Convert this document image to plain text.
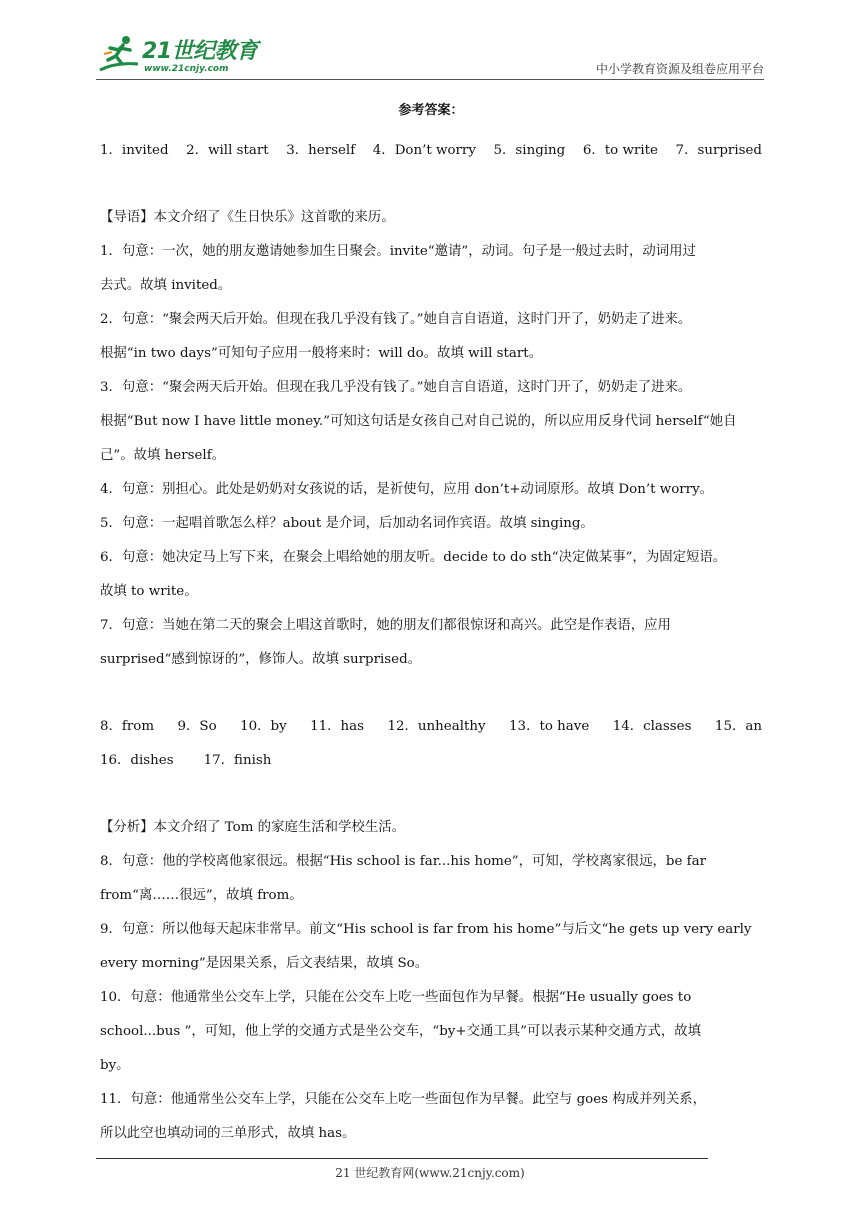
21世纪教育
www.21cnjy.com	中小学教育资源及组卷应用平台
参考答案：
1．invited 2．will start 3．herself 4．Don’t worry 5．singing 6．to write 7．surprised

【导语】本文介绍了《生日快乐》这首歌的来历。

1．句意：一次，她的朋友邀请她参加生日聚会。invite“邀请”，动词。句子是一般过去时，动词用过

去式。故填 invited。

2．句意：“聚会两天后开始。但现在我几乎没有钱了。”她自言自语道，这时门开了，奶奶走了进来。

根据“in two days”可知句子应用一般将来时：will do。故填 will start。

3．句意：“聚会两天后开始。但现在我几乎没有钱了。”她自言自语道，这时门开了，奶奶走了进来。

根据“But now I have little money.”可知这句话是女孩自己对自己说的，所以应用反身代词 herself“她自

己”。故填 herself。

4．句意：别担心。此处是奶奶对女孩说的话，是祈使句，应用 don’t+动词原形。故填 Don’t worry。

5．句意：一起唱首歌怎么样？about 是介词，后加动名词作宾语。故填 singing。

6．句意：她决定马上写下来，在聚会上唱给她的朋友听。decide to do sth“决定做某事”，为固定短语。

故填 to write。

7．句意：当她在第二天的聚会上唱这首歌时，她的朋友们都很惊讶和高兴。此空是作表语，应用

surprised“感到惊讶的”，修饰人。故填 surprised。

8．from 9．So 10．by 11．has 12．unhealthy 13．to have 14．classes 15．an
16．dishes 17．finish

【分析】本文介绍了 Tom 的家庭生活和学校生活。

8．句意：他的学校离他家很远。根据“His school is far...his home”，可知，学校离家很远，be far

from“离……很远”，故填 from。

9．句意：所以他每天起床非常早。前文“His school is far from his home”与后文“he gets up very early

every morning”是因果关系，后文表结果，故填 So。

10．句意：他通常坐公交车上学，只能在公交车上吃一些面包作为早餐。根据“He usually goes to

school...bus ”，可知，他上学的交通方式是坐公交车，“by+交通工具”可以表示某种交通方式，故填

by。

11．句意：他通常坐公交车上学，只能在公交车上吃一些面包作为早餐。此空与 goes 构成并列关系，

所以此空也填动词的三单形式，故填 has。

21 世纪教育网(www.21cnjy.com)
